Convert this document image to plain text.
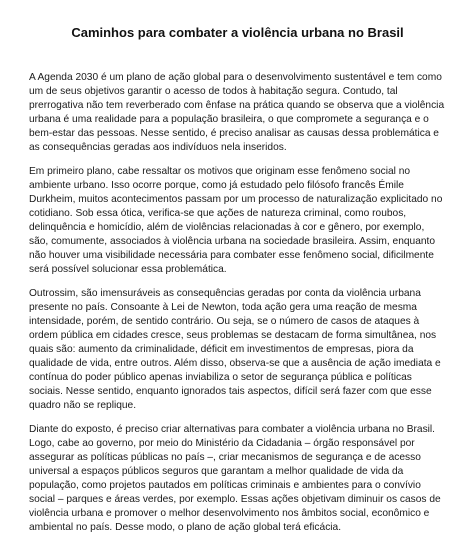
Caminhos para combater a violência urbana no Brasil

A Agenda 2030 é um plano de ação global para o desenvolvimento sustentável e tem como um de seus objetivos garantir o acesso de todos à habitação segura. Contudo, tal prerrogativa não tem reverberado com ênfase na prática quando se observa que a violência urbana é uma realidade para a população brasileira, o que compromete a segurança e o bem-estar das pessoas. Nesse sentido, é preciso analisar as causas dessa problemática e as consequências geradas aos indivíduos nela inseridos.

Em primeiro plano, cabe ressaltar os motivos que originam esse fenômeno social no ambiente urbano. Isso ocorre porque, como já estudado pelo filósofo francês Émile Durkheim, muitos acontecimentos passam por um processo de naturalização explicitado no cotidiano. Sob essa ótica, verifica-se que ações de natureza criminal, como roubos, delinquência e homicídio, além de violências relacionadas à cor e gênero, por exemplo, são, comumente, associados à violência urbana na sociedade brasileira. Assim, enquanto não houver uma visibilidade necessária para combater esse fenômeno social, dificilmente será possível solucionar essa problemática.

Outrossim, são imensuráveis as consequências geradas por conta da violência urbana presente no país. Consoante à Lei de Newton, toda ação gera uma reação de mesma intensidade, porém, de sentido contrário. Ou seja, se o número de casos de ataques à ordem pública em cidades cresce, seus problemas se destacam de forma simultânea, nos quais são: aumento da criminalidade, déficit em investimentos de empresas, piora da qualidade de vida, entre outros. Além disso, observa-se que a ausência de ação imediata e contínua do poder público apenas inviabiliza o setor de segurança pública e políticas sociais. Nesse sentido, enquanto ignorados tais aspectos, difícil será fazer com que esse quadro não se replique.

Diante do exposto, é preciso criar alternativas para combater a violência urbana no Brasil. Logo, cabe ao governo, por meio do Ministério da Cidadania – órgão responsável por assegurar as políticas públicas no país –, criar mecanismos de segurança e de acesso universal a espaços públicos seguros que garantam a melhor qualidade de vida da população, como projetos pautados em políticas criminais e ambientes para o convívio social – parques e áreas verdes, por exemplo. Essas ações objetivam diminuir os casos de violência urbana e promover o melhor desenvolvimento nos âmbitos social, econômico e ambiental no país. Desse modo, o plano de ação global terá eficácia.
